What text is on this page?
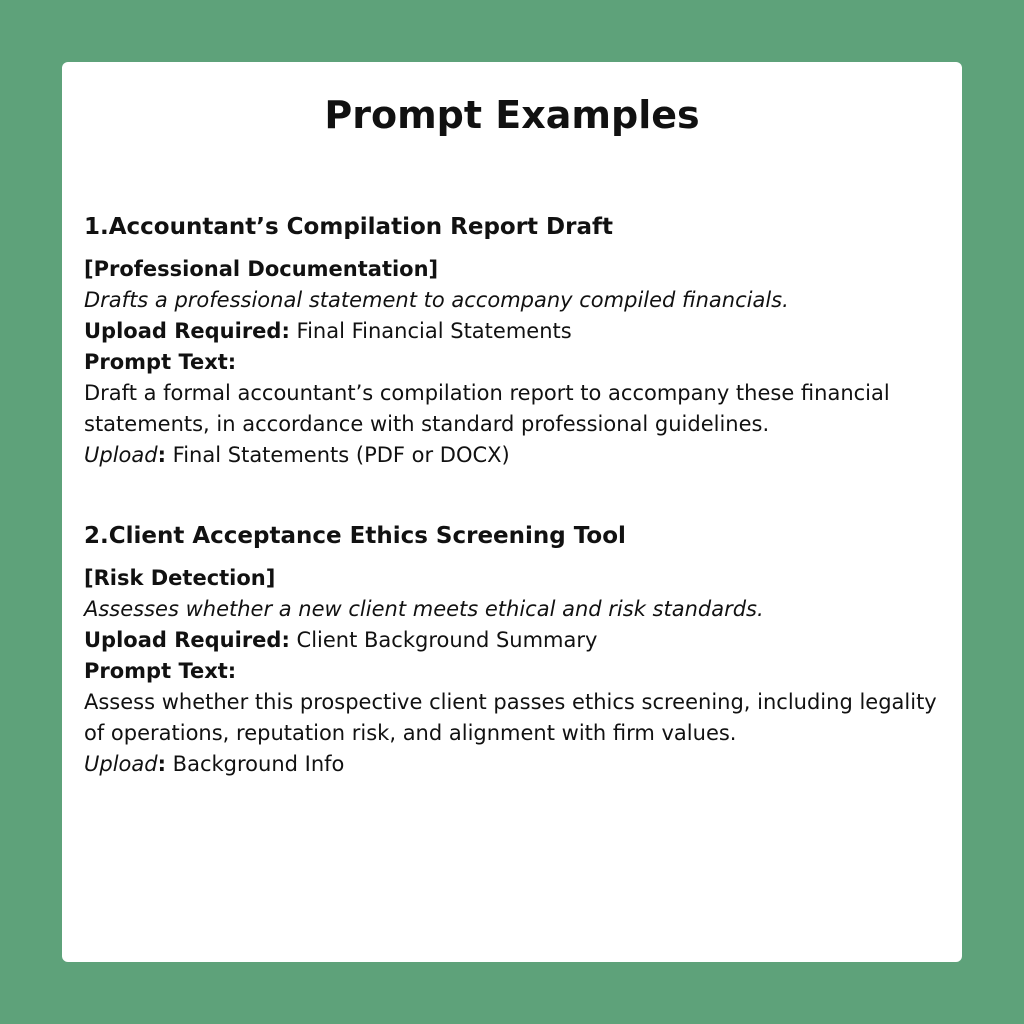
Prompt Examples
1.Accountant’s Compilation Report Draft

[Professional Documentation]

Drafts a professional statement to accompany compiled financials.

Upload Required: Final Financial Statements

Prompt Text:

Draft a formal accountant’s compilation report to accompany these financial statements, in accordance with standard professional guidelines.

Upload: Final Statements (PDF or DOCX)

2.Client Acceptance Ethics Screening Tool

[Risk Detection]

Assesses whether a new client meets ethical and risk standards.

Upload Required: Client Background Summary

Prompt Text:

Assess whether this prospective client passes ethics screening, including legality of operations, reputation risk, and alignment with firm values.

Upload: Background Info
